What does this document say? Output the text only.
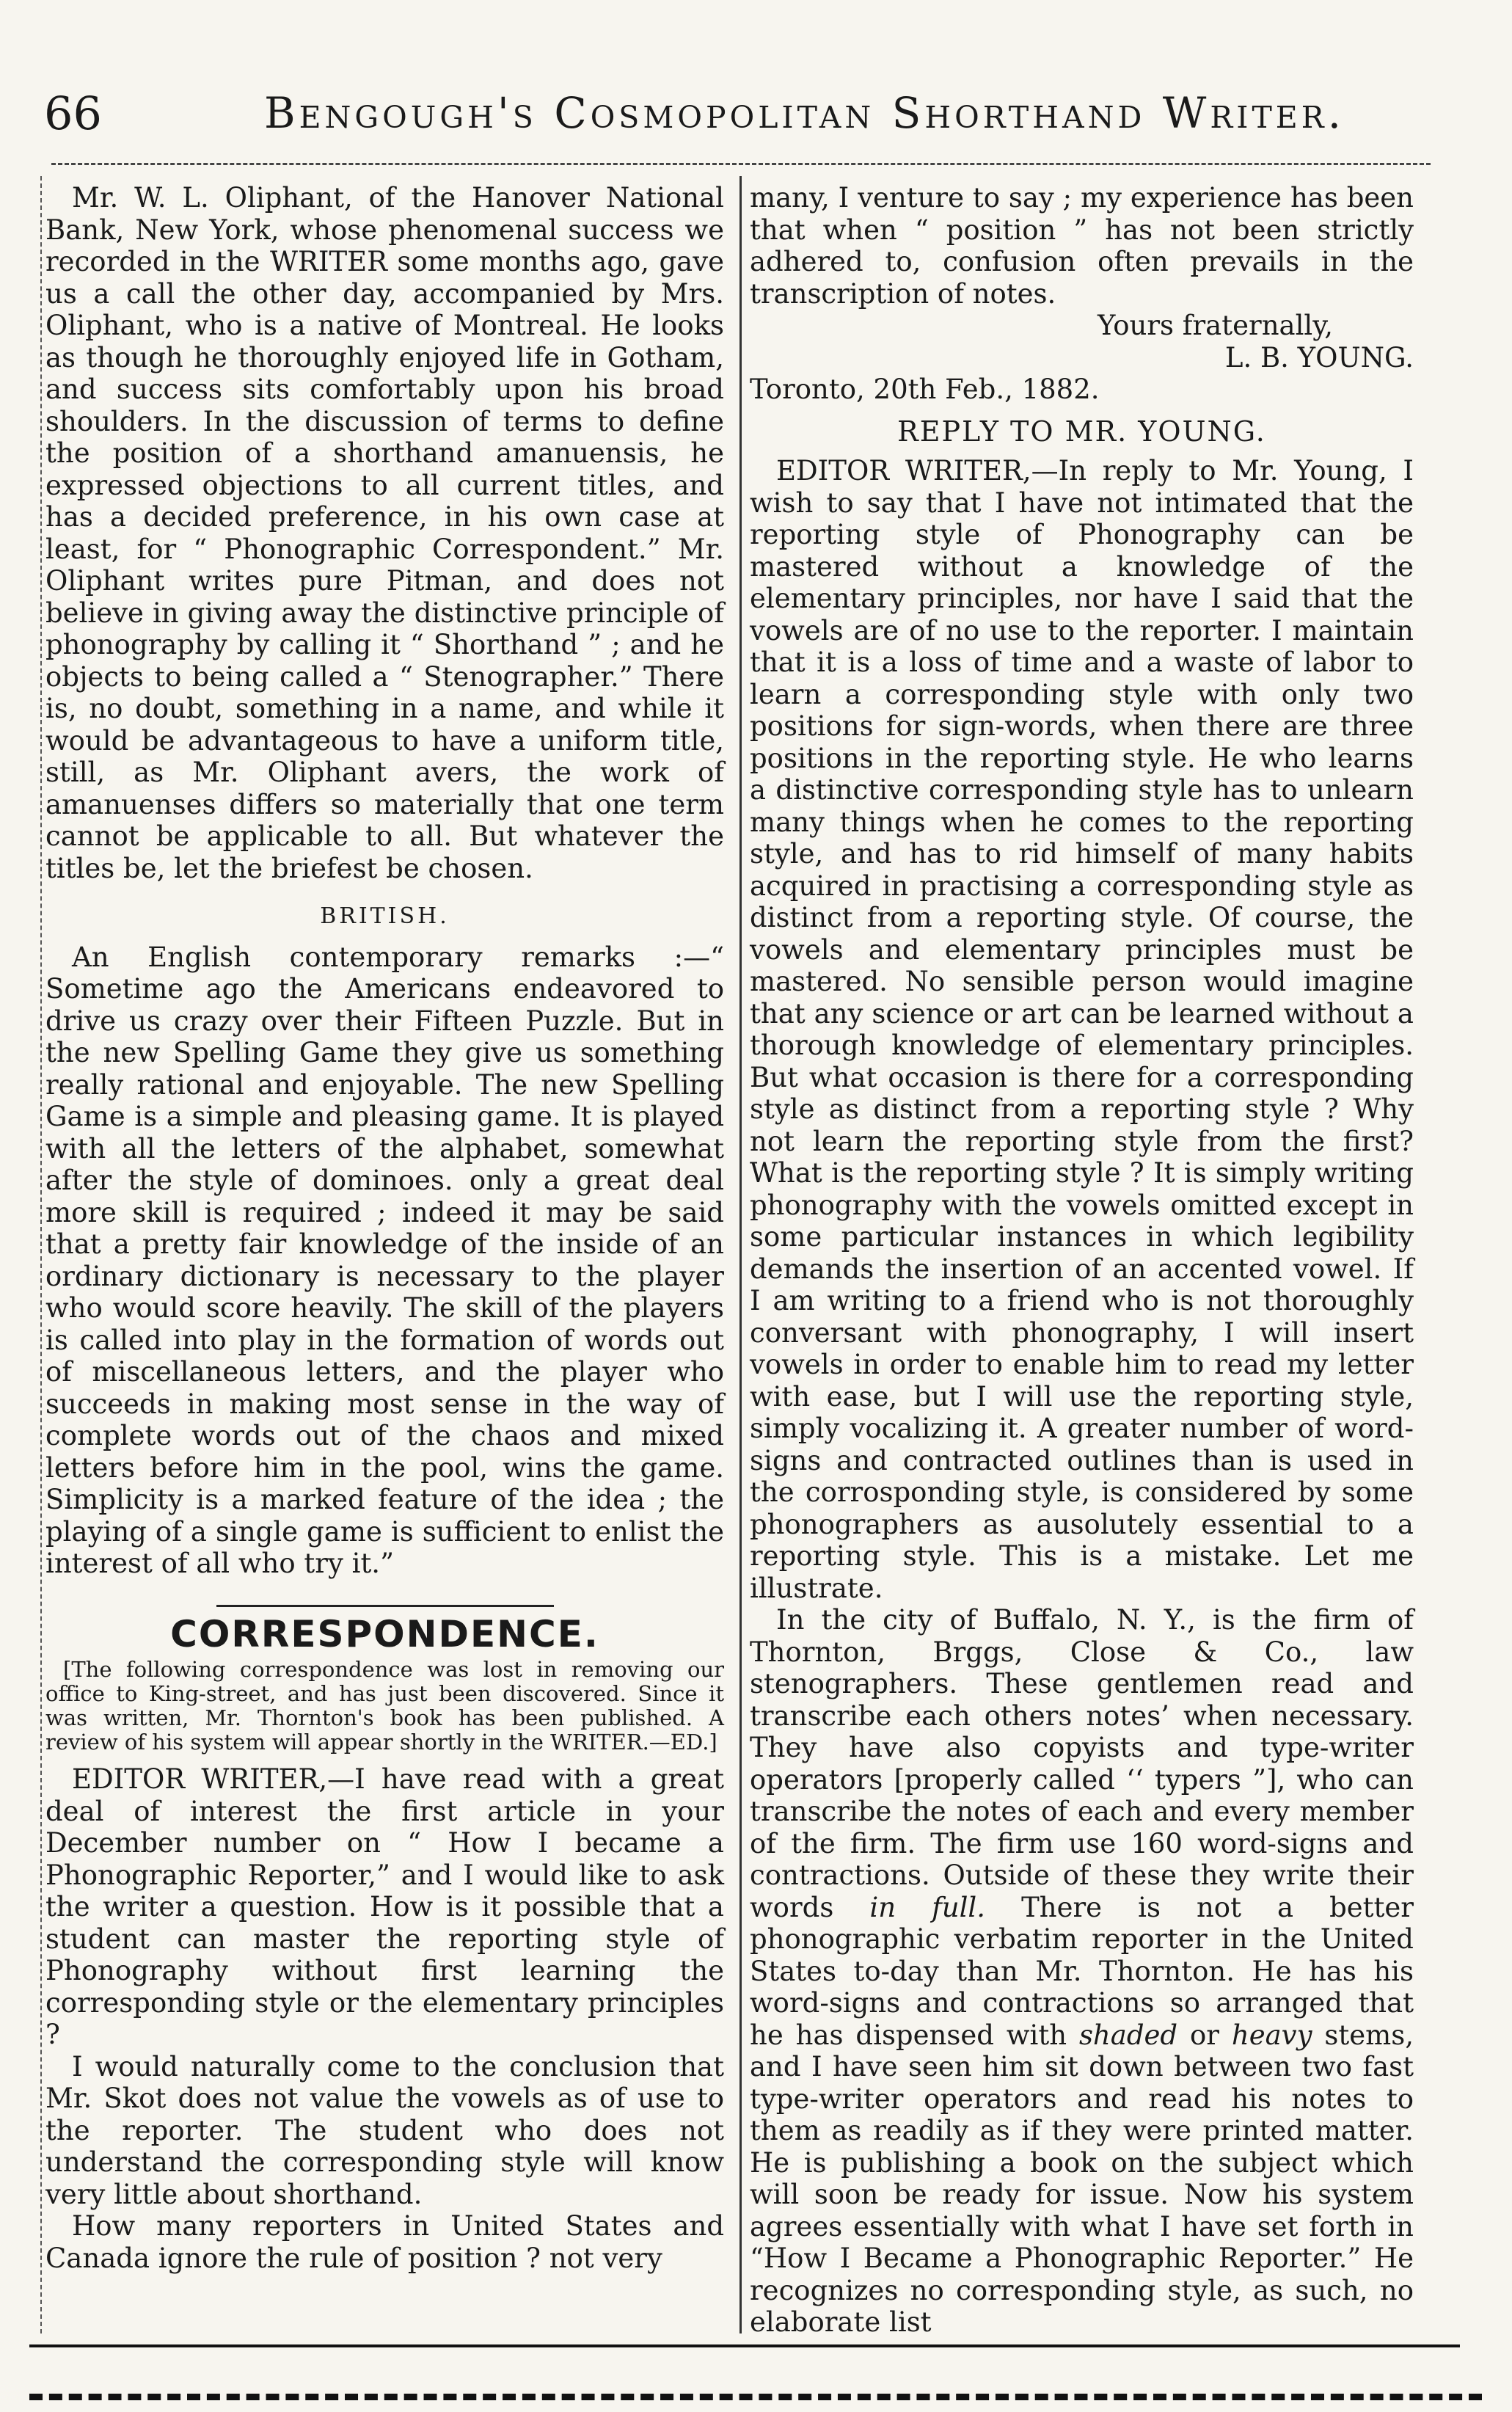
66	Bengough's Cosmopolitan Shorthand Writer.

Mr. W. L. Oliphant, of the Hanover National Bank, New York, whose phenomenal success we recorded in the WRITER some months ago, gave us a call the other day, accompanied by Mrs. Oliphant, who is a native of Montreal. He looks as though he thoroughly enjoyed life in Gotham, and success sits comfortably upon his broad shoulders. In the discussion of terms to define the position of a shorthand amanuensis, he expressed objections to all current titles, and has a decided preference, in his own case at least, for “ Phonographic Correspondent.” Mr. Oliphant writes pure Pitman, and does not believe in giving away the distinctive principle of phonography by calling it “ Shorthand ” ; and he objects to being called a “ Stenographer.” There is, no doubt, something in a name, and while it would be advantageous to have a uniform title, still, as Mr. Oliphant avers, the work of amanuenses differs so materially that one term cannot be applicable to all. But whatever the titles be, let the briefest be chosen.

BRITISH.

An English contemporary remarks :—“ Sometime ago the Americans endeavored to drive us crazy over their Fifteen Puzzle. But in the new Spelling Game they give us something really rational and enjoyable. The new Spelling Game is a simple and pleasing game. It is played with all the letters of the alphabet, somewhat after the style of dominoes. only a great deal more skill is required ; indeed it may be said that a pretty fair knowledge of the inside of an ordinary dictionary is necessary to the player who would score heavily. The skill of the players is called into play in the formation of words out of miscellaneous letters, and the player who succeeds in making most sense in the way of complete words out of the chaos and mixed letters before him in the pool, wins the game. Simplicity is a marked feature of the idea ; the playing of a single game is sufficient to enlist the interest of all who try it.”

CORRESPONDENCE.

[The following correspondence was lost in removing our office to King-street, and has just been discovered. Since it was written, Mr. Thornton's book has been published. A review of his system will appear shortly in the WRITER.—ED.]

EDITOR WRITER,—I have read with a great deal of interest the first article in your December number on “ How I became a Phonographic Reporter,” and I would like to ask the writer a question. How is it possible that a student can master the reporting style of Phonography without first learning the corresponding style or the elementary principles ?

I would naturally come to the conclusion that Mr. Skot does not value the vowels as of use to the reporter. The student who does not understand the corresponding style will know very little about shorthand.

How many reporters in United States and Canada ignore the rule of position ? not very

many, I venture to say ; my experience has been that when “ position ” has not been strictly adhered to, confusion often prevails in the transcription of notes.

Yours fraternally,

L. B. YOUNG.

Toronto, 20th Feb., 1882.

REPLY TO MR. YOUNG.

EDITOR WRITER,—In reply to Mr. Young, I wish to say that I have not intimated that the reporting style of Phonography can be mastered without a knowledge of the elementary principles, nor have I said that the vowels are of no use to the reporter. I maintain that it is a loss of time and a waste of labor to learn a corresponding style with only two positions for sign-words, when there are three positions in the reporting style. He who learns a distinctive corresponding style has to unlearn many things when he comes to the reporting style, and has to rid himself of many habits acquired in practising a corresponding style as distinct from a reporting style. Of course, the vowels and elementary principles must be mastered. No sensible person would imagine that any science or art can be learned without a thorough knowledge of elementary principles. But what occasion is there for a corresponding style as distinct from a reporting style ? Why not learn the reporting style from the first? What is the reporting style ? It is simply writing phonography with the vowels omitted except in some particular instances in which legibility demands the insertion of an accented vowel. If I am writing to a friend who is not thoroughly conversant with phonography, I will insert vowels in order to enable him to read my letter with ease, but I will use the reporting style, simply vocalizing it. A greater number of word-signs and contracted outlines than is used in the corrosponding style, is considered by some phonographers as ausolutely essential to a reporting style. This is a mistake. Let me illustrate.

In the city of Buffalo, N. Y., is the firm of Thornton, Brggs, Close & Co., law stenographers. These gentlemen read and transcribe each others notes’ when necessary. They have also copyists and type-writer operators [properly called ‘‘ typers ”], who can transcribe the notes of each and every member of the firm. The firm use 160 word-signs and contractions. Outside of these they write their words in full. There is not a better phonographic verbatim reporter in the United States to-day than Mr. Thornton. He has his word-signs and contractions so arranged that he has dispensed with shaded or heavy stems, and I have seen him sit down between two fast type-writer operators and read his notes to them as readily as if they were printed matter. He is publishing a book on the subject which will soon be ready for issue. Now his system agrees essentially with what I have set forth in “How I Became a Phonographic Reporter.” He recognizes no corresponding style, as such, no elaborate list
